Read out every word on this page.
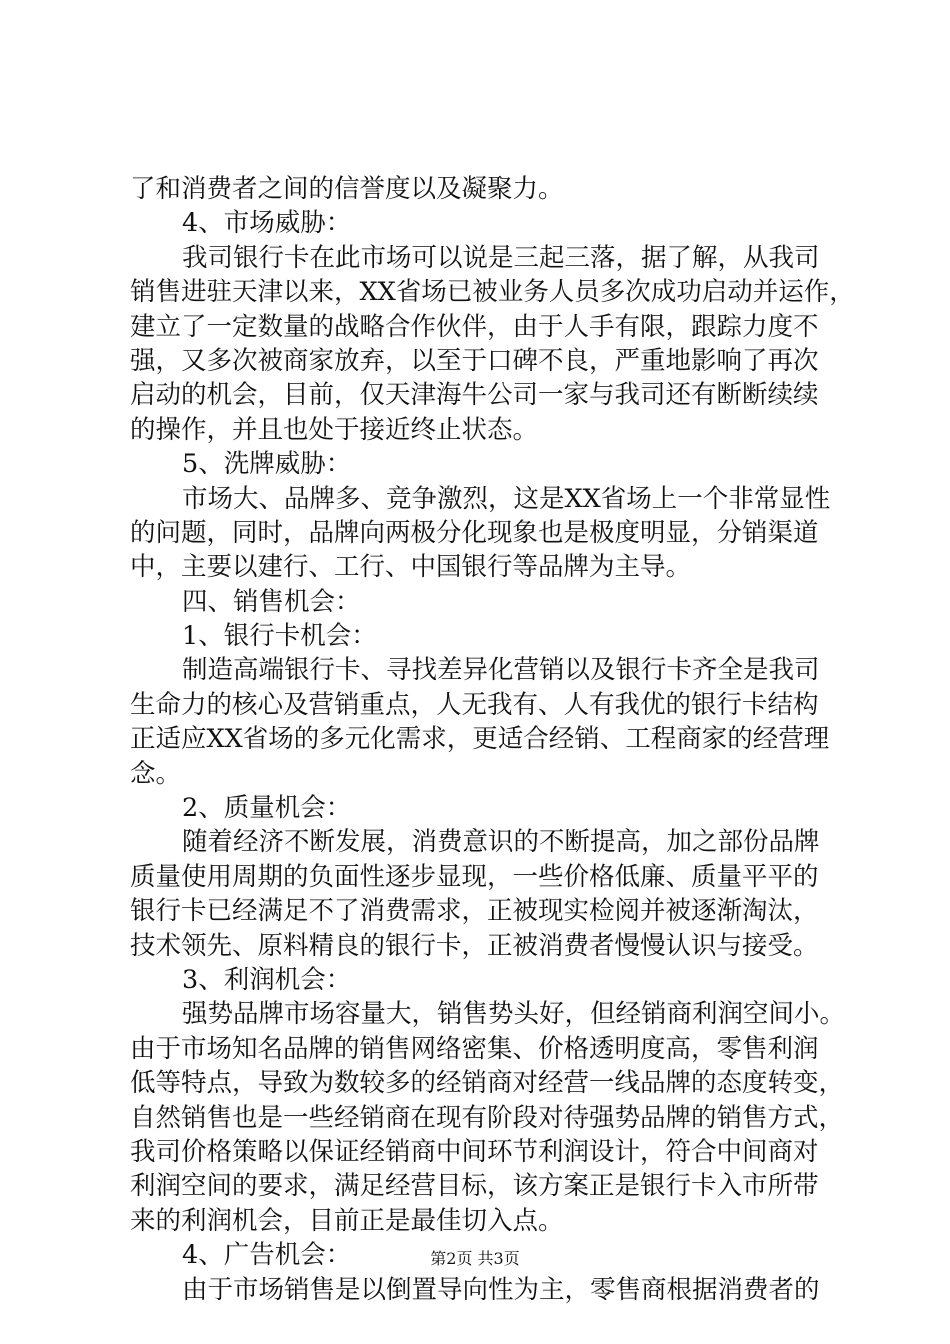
了和消费者之间的信誉度以及凝聚力。
4、市场威胁：
我司银行卡在此市场可以说是三起三落，据了解，从我司
销售进驻天津以来，XX省场已被业务人员多次成功启动并运作，
建立了一定数量的战略合作伙伴，由于人手有限，跟踪力度不
强，又多次被商家放弃，以至于口碑不良，严重地影响了再次
启动的机会，目前，仅天津海牛公司一家与我司还有断断续续
的操作，并且也处于接近终止状态。
5、洗牌威胁：
市场大、品牌多、竞争激烈，这是XX省场上一个非常显性
的问题，同时，品牌向两极分化现象也是极度明显，分销渠道
中，主要以建行、工行、中国银行等品牌为主导。
四、销售机会：
1、银行卡机会：
制造高端银行卡、寻找差异化营销以及银行卡齐全是我司
生命力的核心及营销重点，人无我有、人有我优的银行卡结构
正适应XX省场的多元化需求，更适合经销、工程商家的经营理
念。
2、质量机会：
随着经济不断发展，消费意识的不断提高，加之部份品牌
质量使用周期的负面性逐步显现，一些价格低廉、质量平平的
银行卡已经满足不了消费需求，正被现实检阅并被逐渐淘汰，
技术领先、原料精良的银行卡，正被消费者慢慢认识与接受。
3、利润机会：
强势品牌市场容量大，销售势头好，但经销商利润空间小。
由于市场知名品牌的销售网络密集、价格透明度高，零售利润
低等特点，导致为数较多的经销商对经营一线品牌的态度转变，
自然销售也是一些经销商在现有阶段对待强势品牌的销售方式，
我司价格策略以保证经销商中间环节利润设计，符合中间商对
利润空间的要求，满足经营目标，该方案正是银行卡入市所带
来的利润机会，目前正是最佳切入点。
4、广告机会：
由于市场销售是以倒置导向性为主，零售商根据消费者的
第2页 共3页
